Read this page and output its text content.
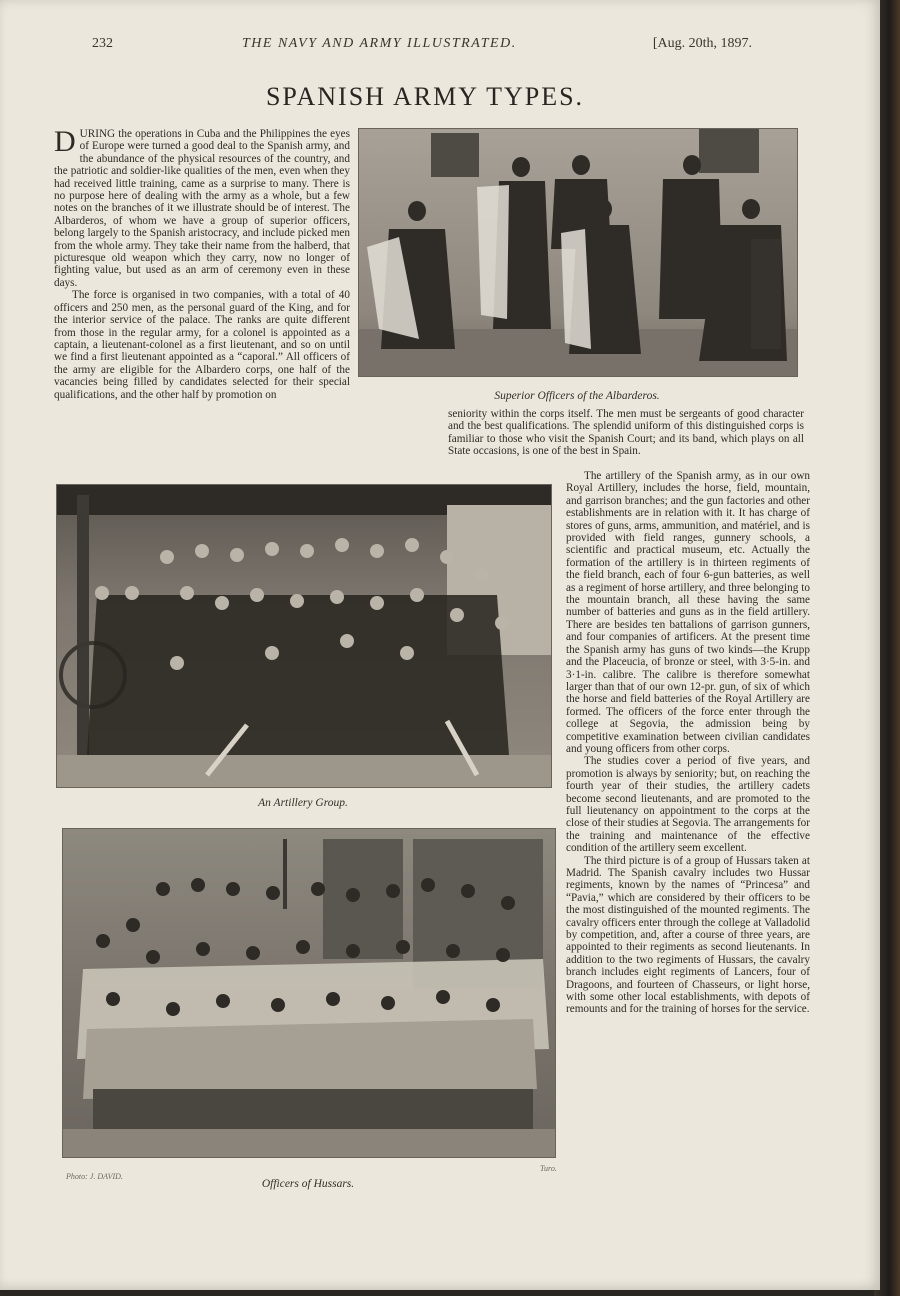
232	THE NAVY AND ARMY ILLUSTRATED.	[Aug. 20th, 1897.
SPANISH ARMY TYPES.

DURING the operations in Cuba and the Philippines the eyes of Europe were turned a good deal to the Spanish army, and the abundance of the physical resources of the country, and the patriotic and soldier-like qualities of the men, even when they had received little training, came as a surprise to many. There is no purpose here of dealing with the army as a whole, but a few notes on the branches of it we illustrate should be of interest. The Albarderos, of whom we have a group of superior officers, belong largely to the Spanish aristocracy, and include picked men from the whole army. They take their name from the halberd, that picturesque old weapon which they carry, now no longer of fighting value, but used as an arm of ceremony even in these days.

The force is organised in two companies, with a total of 40 officers and 250 men, as the personal guard of the King, and for the interior service of the palace. The ranks are quite different from those in the regular army, for a colonel is appointed as a captain, a lieutenant-colonel as a first lieutenant, and so on until we find a first lieutenant appointed as a “caporal.” All officers of the army are eligible for the Albardero corps, one half of the vacancies being filled by candidates selected for their special qualifications, and the other half by promotion on	Superior Officers of the Albarderos.

seniority within the corps itself. The men must be sergeants of good character and the best qualifications. The splendid uniform of this distinguished corps is familiar to those who visit the Spanish Court; and its band, which plays on all State occasions, is one of the best in Spain.

An Artillery Group.

The artillery of the Spanish army, as in our own Royal Artillery, includes the horse, field, mountain, and garrison branches; and the gun factories and other establishments are in relation with it. It has charge of stores of guns, arms, ammunition, and matériel, and is provided with field ranges, gunnery schools, a scientific and practical museum, etc. Actually the formation of the artillery is in thirteen regiments of the field branch, each of four 6-gun batteries, as well as a regiment of horse artillery, and three belonging to the mountain branch, all these having the same number of batteries and guns as in the field artillery. There are besides ten battalions of garrison gunners, and four companies of artificers. At the present time the Spanish army has guns of two kinds—the Krupp and the Placeucia, of bronze or steel, with 3·5-in. and 3·1-in. calibre. The calibre is therefore somewhat larger than that of our own 12-pr. gun, of six of which the horse and field batteries of the Royal Artillery are formed. The officers of the force enter through the college at Segovia, the admission being by competitive examination between civilian candidates and young officers from other corps.

The studies cover a period of five years, and promotion is always by seniority; but, on reaching the fourth year of their studies, the artillery cadets become second lieutenants, and are promoted to the full lieutenancy on appointment to the corps at the close of their studies at Segovia. The arrangements for the training and maintenance of the effective condition of the artillery seem excellent.

The third picture is of a group of Hussars taken at Madrid. The Spanish cavalry includes two Hussar regiments, known by the names of “Princesa” and “Pavia,” which are considered by their officers to be the most distinguished of the mounted regiments. The cavalry officers enter through the college at Valladolid by competition, and, after a course of three years, are appointed to their regiments as second lieutenants. In addition to the two regiments of Hussars, the cavalry branch includes eight regiments of Lancers, four of Dragoons, and fourteen of Chasseurs, or light horse, with some other local establishments, with depots of remounts and for the training of horses for the service.

Photo: J. DAVID.
Turo.
Officers of Hussars.
